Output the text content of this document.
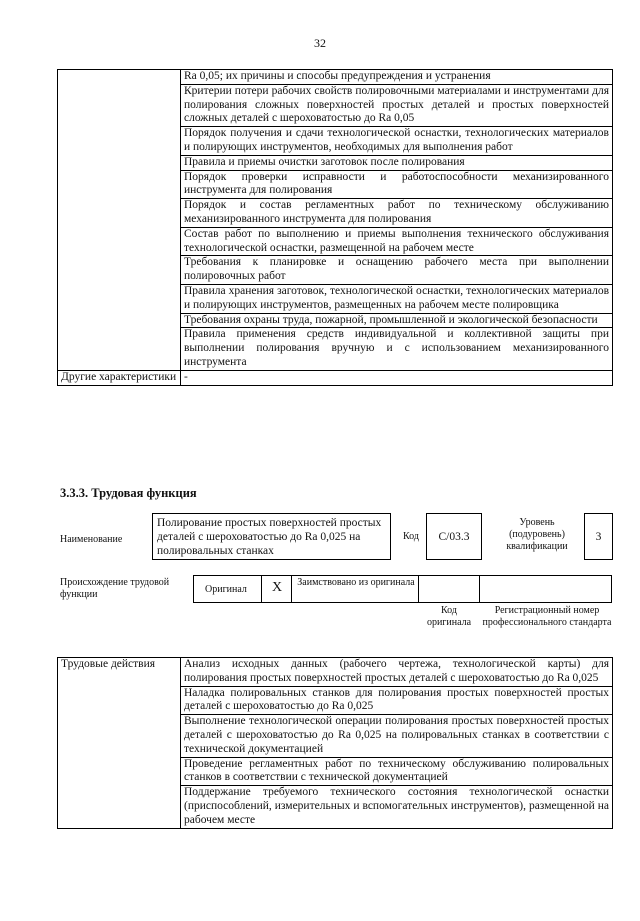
32
	Ra 0,05; их причины и способы предупреждения и устранения
	Критерии потери рабочих свойств полировочными материалами и инструментами для полирования сложных поверхностей простых деталей и простых поверхностей сложных деталей с шероховатостью до Ra 0,05
	Порядок получения и сдачи технологической оснастки, технологических материалов и полирующих инструментов, необходимых для выполнения работ
	Правила и приемы очистки заготовок после полирования
	Порядок проверки исправности и работоспособности механизированного инструмента для полирования
	Порядок и состав регламентных работ по техническому обслуживанию механизированного инструмента для полирования
	Состав работ по выполнению и приемы выполнения технического обслуживания технологической оснастки, размещенной на рабочем месте
	Требования к планировке и оснащению рабочего места при выполнении полировочных работ
	Правила хранения заготовок, технологической оснастки, технологических материалов и полирующих инструментов, размещенных на рабочем месте полировщика
	Требования охраны труда, пожарной, промышленной и экологической безопасности
	Правила применения средств индивидуальной и коллективной защиты при выполнении полирования вручную и с использованием механизированного инструмента
Другие характеристики	-
3.3.3. Трудовая функция
Наименование
Полирование простых поверхностей простых деталей с шероховатостью до Ra 0,025 на полировальных станках
Код	С/03.3
Уровень (подуровень) квалификации
3
Происхождение трудовой функции	Оригинал	X	Заимствовано из оригинала
Код оригинала
Регистрационный номер профессионального стандарта
Трудовые действия	Анализ исходных данных (рабочего чертежа, технологической карты) для полирования простых поверхностей простых деталей с шероховатостью до Ra 0,025
Наладка полировальных станков для полирования простых поверхностей простых деталей с шероховатостью до Ra 0,025
Выполнение технологической операции полирования простых поверхностей простых деталей с шероховатостью до Ra 0,025 на полировальных станках в соответствии с технической документацией
Проведение регламентных работ по техническому обслуживанию полировальных станков в соответствии с технической документацией
Поддержание требуемого технического состояния технологической оснастки (приспособлений, измерительных и вспомогательных инструментов), размещенной на рабочем месте
